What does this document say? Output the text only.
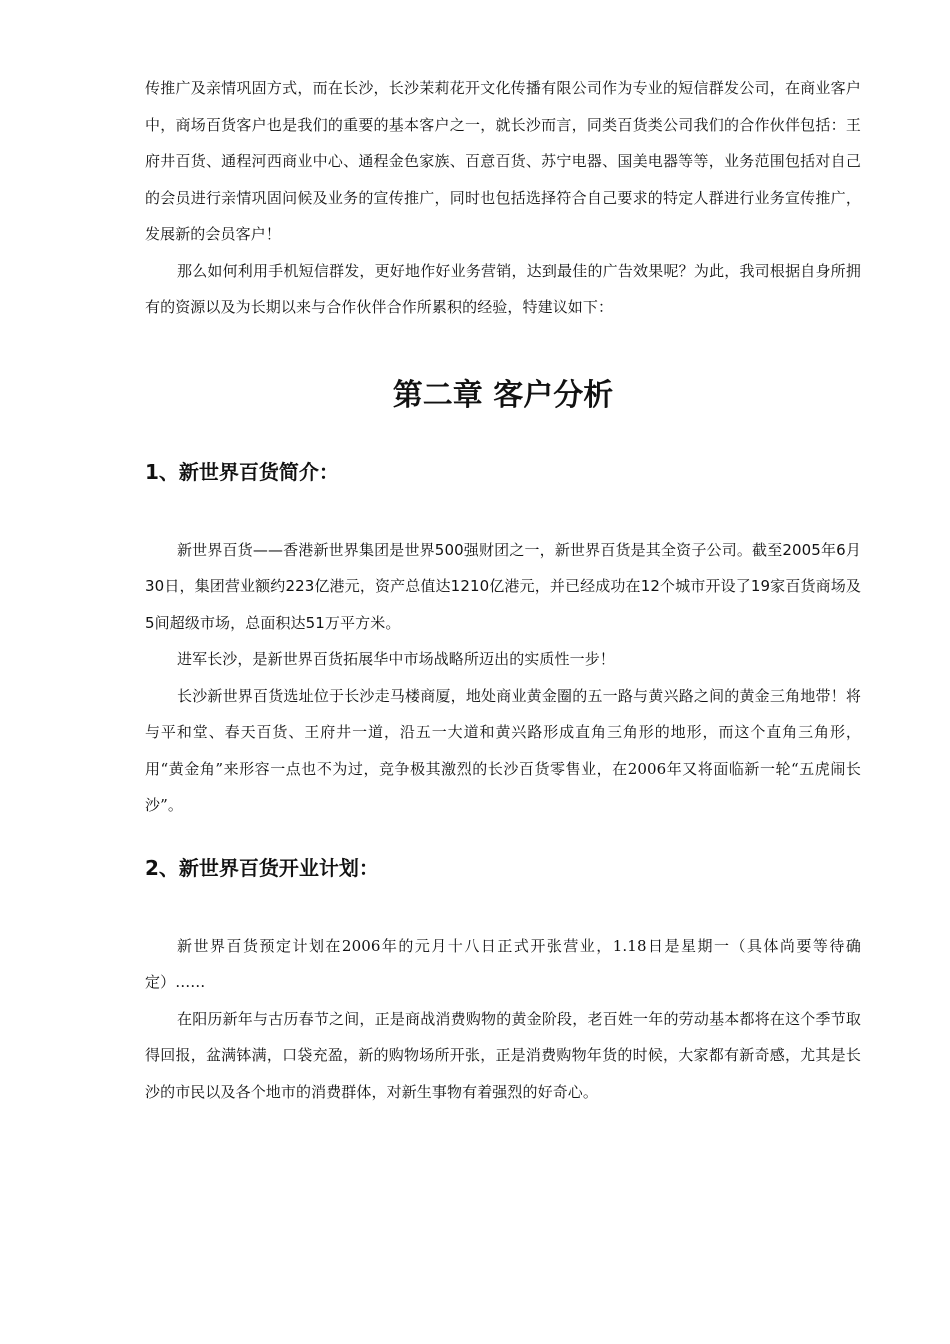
传推广及亲情巩固方式，而在长沙，长沙茉莉花开文化传播有限公司作为专业的短信群发公司，在商业客户中，商场百货客户也是我们的重要的基本客户之一，就长沙而言，同类百货类公司我们的合作伙伴包括：王府井百货、通程河西商业中心、通程金色家族、百意百货、苏宁电器、国美电器等等，业务范围包括对自己的会员进行亲情巩固问候及业务的宣传推广，同时也包括选择符合自己要求的特定人群进行业务宣传推广，发展新的会员客户！

那么如何利用手机短信群发，更好地作好业务营销，达到最佳的广告效果呢？为此，我司根据自身所拥有的资源以及为长期以来与合作伙伴合作所累积的经验，特建议如下：

第二章 客户分析
1、新世界百货简介：

新世界百货——香港新世界集团是世界500强财团之一，新世界百货是其全资子公司。截至2005年6月30日，集团营业额约223亿港元，资产总值达1210亿港元，并已经成功在12个城市开设了19家百货商场及5间超级市场，总面积达51万平方米。

进军长沙，是新世界百货拓展华中市场战略所迈出的实质性一步！

长沙新世界百货选址位于长沙走马楼商厦，地处商业黄金圈的五一路与黄兴路之间的黄金三角地带！将与平和堂、春天百货、王府井一道，沿五一大道和黄兴路形成直角三角形的地形，而这个直角三角形，用“黄金角”来形容一点也不为过，竞争极其激烈的长沙百货零售业，在2006年又将面临新一轮“五虎闹长沙”。

2、新世界百货开业计划：

新世界百货预定计划在2006年的元月十八日正式开张营业，1.18日是星期一（具体尚要等待确定）……

在阳历新年与古历春节之间，正是商战消费购物的黄金阶段，老百姓一年的劳动基本都将在这个季节取得回报，盆满钵满，口袋充盈，新的购物场所开张，正是消费购物年货的时候，大家都有新奇感，尤其是长沙的市民以及各个地市的消费群体，对新生事物有着强烈的好奇心。
